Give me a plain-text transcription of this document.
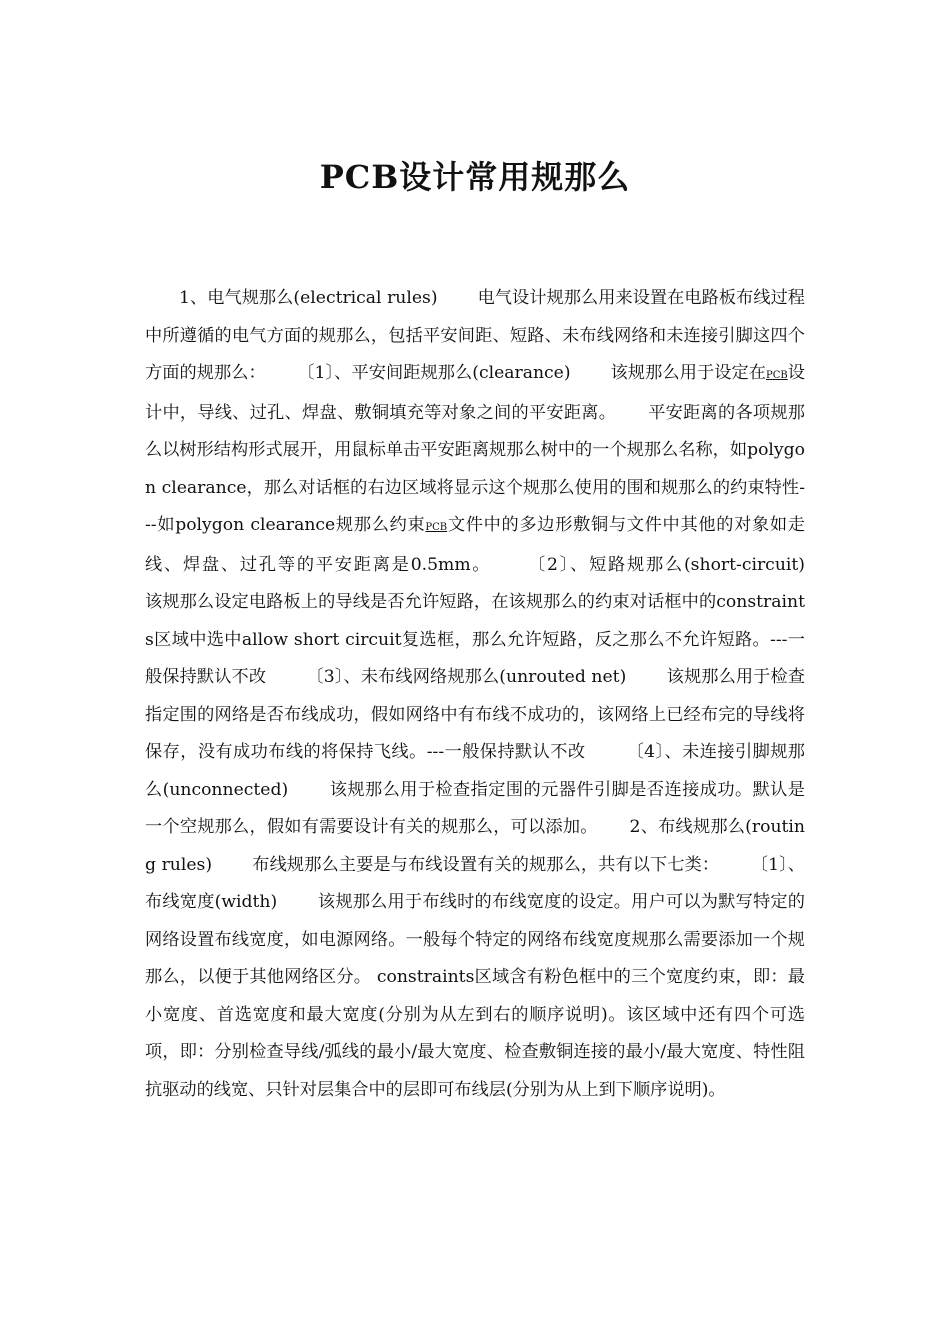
PCB设计常用规那么

1、电气规那么(electrical rules)　　 电气设计规那么用来设置在电路板布线过程中所遵循的电气方面的规那么，包括平安间距、短路、未布线网络和未连接引脚这四个方面的规那么：　　 〔1〕、平安间距规那么(clearance)　　 该规那么用于设定在PCB设计中，导线、过孔、焊盘、敷铜填充等对象之间的平安距离。　　 平安距离的各项规那么以树形结构形式展开，用鼠标单击平安距离规那么树中的一个规那么名称，如polygon clearance，那么对话框的右边区域将显示这个规那么使用的围和规那么的约束特性---如polygon clearance规那么约束PCB文件中的多边形敷铜与文件中其他的对象如走线、焊盘、过孔等的平安距离是0.5mm。　　 〔2〕、短路规那么(short-circuit)　　 该规那么设定电路板上的导线是否允许短路，在该规那么的约束对话框中的constraints区域中选中allow short circuit复选框，那么允许短路，反之那么不允许短路。---一般保持默认不改　　 〔3〕、未布线网络规那么(unrouted net)　　 该规那么用于检查指定围的网络是否布线成功，假如网络中有布线不成功的，该网络上已经布完的导线将保存，没有成功布线的将保持飞线。---一般保持默认不改　　 〔4〕、未连接引脚规那么(unconnected)　　 该规那么用于检查指定围的元器件引脚是否连接成功。默认是一个空规那么，假如有需要设计有关的规那么，可以添加。　　 2、布线规那么(routing rules)　　 布线规那么主要是与布线设置有关的规那么，共有以下七类：　　 〔1〕、布线宽度(width)　　 该规那么用于布线时的布线宽度的设定。用户可以为默写特定的网络设置布线宽度，如电源网络。一般每个特定的网络布线宽度规那么需要添加一个规那么，以便于其他网络区分。 constraints区域含有粉色框中的三个宽度约束，即：最小宽度、首选宽度和最大宽度(分别为从左到右的顺序说明)。该区域中还有四个可选项，即：分别检查导线/弧线的最小/最大宽度、检查敷铜连接的最小/最大宽度、特性阻抗驱动的线宽、只针对层集合中的层即可布线层(分别为从上到下顺序说明)。
